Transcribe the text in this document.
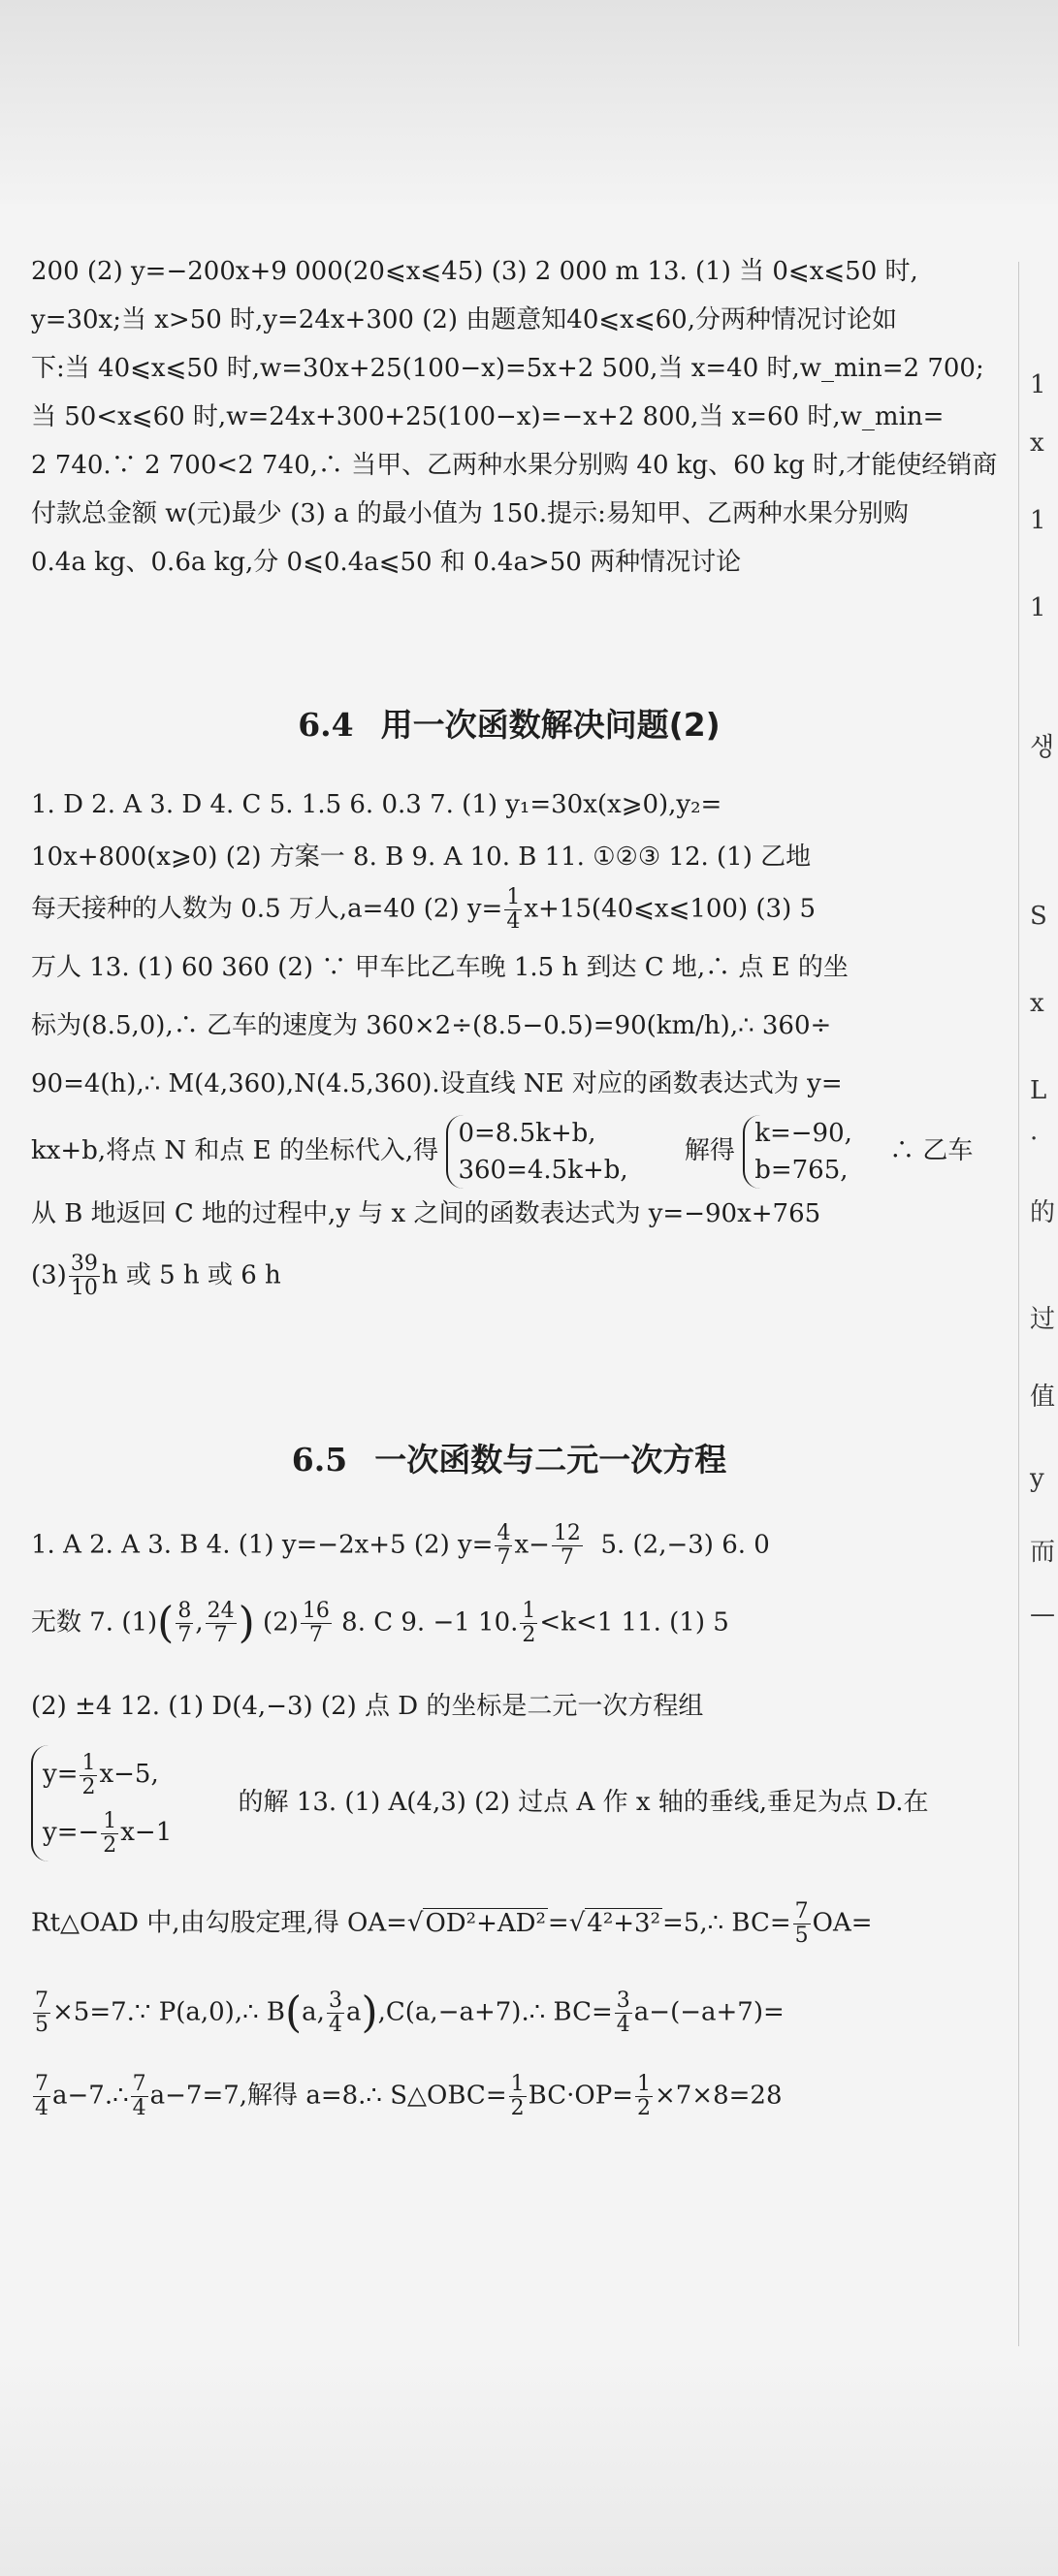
200 (2) y=−200x+9 000(20⩽x⩽45) (3) 2 000 m 13. (1) 当 0⩽x⩽50 时,
y=30x;当 x>50 时,y=24x+300 (2) 由题意知40⩽x⩽60,分两种情况讨论如
下:当 40⩽x⩽50 时,w=30x+25(100−x)=5x+2 500,当 x=40 时,w_min=2 700;
当 50<x⩽60 时,w=24x+300+25(100−x)=−x+2 800,当 x=60 时,w_min=
2 740.∵ 2 700<2 740,∴ 当甲、乙两种水果分别购 40 kg、60 kg 时,才能使经销商
付款总金额 w(元)最少 (3) a 的最小值为 150.提示:易知甲、乙两种水果分别购
0.4a kg、0.6a kg,分 0⩽0.4a⩽50 和 0.4a>50 两种情况讨论
6.4 用一次函数解决问题(2)
1. D 2. A 3. D 4. C 5. 1.5 6. 0.3 7. (1) y₁=30x(x⩾0),y₂=
10x+800(x⩾0) (2) 方案一 8. B 9. A 10. B 11. ①②③ 12. (1) 乙地
每天接种的人数为 0.5 万人,a=40 (2) $y= \frac{1}{4}$ x+15(40⩽x⩽100) (3) 5
万人 13. (1) 60 360 (2) ∵ 甲车比乙车晚 1.5 h 到达 C 地,∴ 点 E 的坐
标为(8.5,0),∴ 乙车的速度为 360×2÷(8.5−0.5)=90(km/h),∴ 360÷
90=4(h),∴ M(4,360),N(4.5,360).设直线 NE 对应的函数表达式为 y=
kx+b,将点 N 和点 E 的坐标代入,得
0=8.5k+b,
360=4.5k+b,
解得
k=−90,
b=765,
∴ 乙车
从 B 地返回 C 地的过程中,y 与 x 之间的函数表达式为 y=−90x+765
$(3) \frac{39}{10}$ h 或 5 h 或 6 h
6.5 一次函数与二元一次方程
1. A 2. A 3. B 4. (1) y=−2x+5 (2) $y= \frac{4}{7} x- \frac{12}{7} 5$. (2,−3) 6. 0
无数 7. $(1)( \frac{8}{7}$ , $\frac{24}{7}$ ) $(2) \frac{16}{7} 8$. C 9. −1 10. $\frac{1}{2} <k<1$ 11. (1) 5
(2) ±4 12. (1) D(4,−3) (2) 点 D 的坐标是二元一次方程组
$y= \frac{1}{2} x-5$,
$y=- \frac{1}{2} x-1$
的解 13. (1) A(4,3) (2) 过点 A 作 x 轴的垂线,垂足为点 D.在
Rt△OAD 中,由勾股定理,得 OA=√OD²+AD²=√4²+3²=5,∴ $BC= \frac{7}{5} OA=$
$\frac{7}{5}$ ×5=7.∵ P(a,0),∴ B(a, $\frac{3}{4}$ a),C(a,−a+7).∴ $BC= \frac{3}{4} a-(-a+7)=$
$\frac{7}{4}$ a−7.∴ $\frac{7}{4} a-7=7$,解得 a=8.∴ S△OBC= $\frac{1}{2} BC\cdot OP= \frac{1}{2} \times 7\times 8=28$
1
x
1
1
생
S
x
L
·
的
过
值
y
而
—
